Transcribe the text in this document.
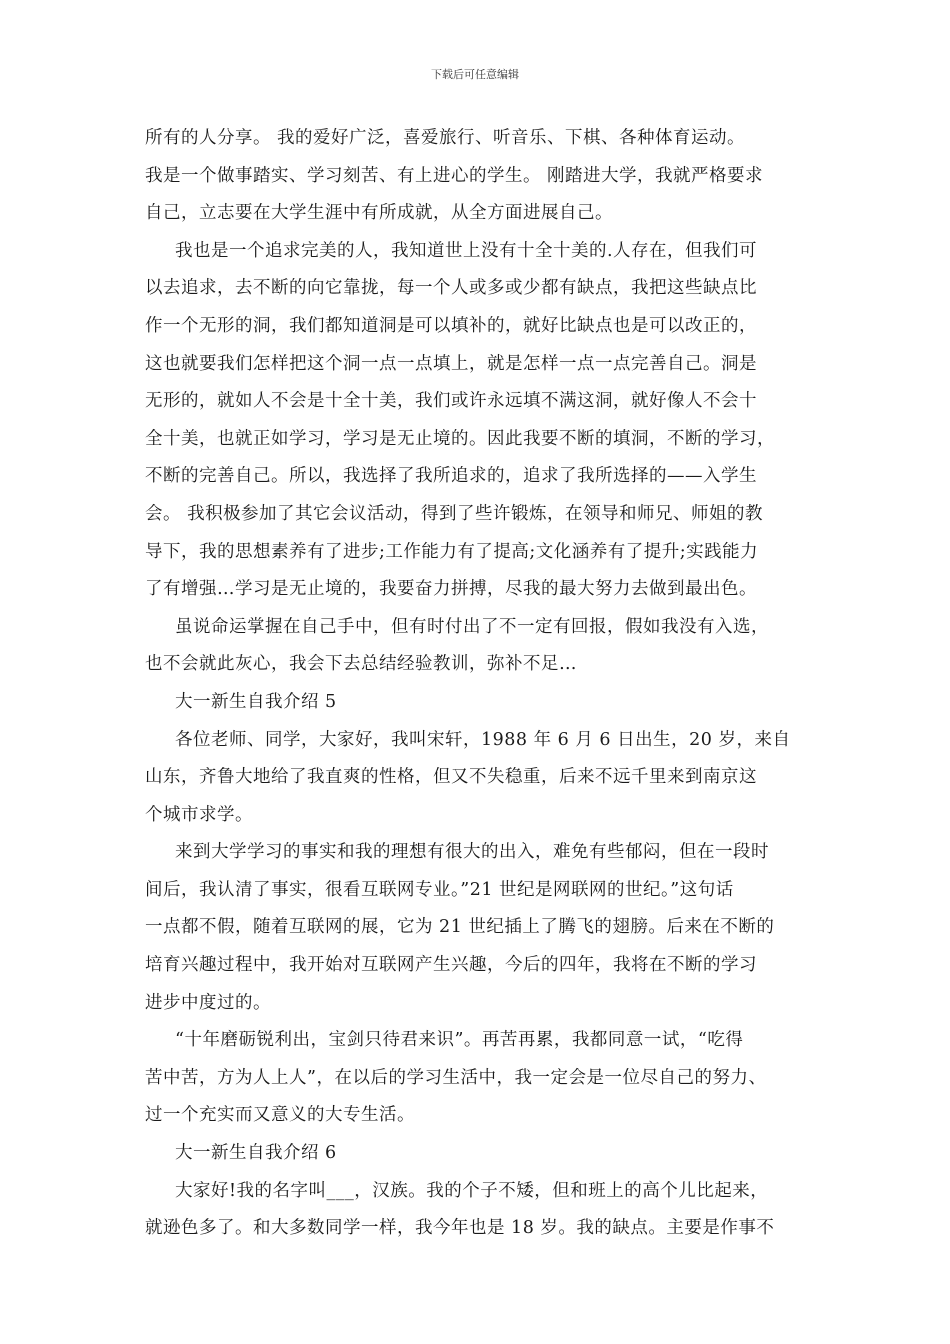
下载后可任意编辑
所有的人分享。 我的爱好广泛，喜爱旅行、听音乐、下棋、各种体育运动。
我是一个做事踏实、学习刻苦、有上进心的学生。 刚踏进大学，我就严格要求
自己，立志要在大学生涯中有所成就，从全方面进展自己。
我也是一个追求完美的人，我知道世上没有十全十美的.人存在，但我们可
以去追求，去不断的向它靠拢，每一个人或多或少都有缺点，我把这些缺点比
作一个无形的洞，我们都知道洞是可以填补的，就好比缺点也是可以改正的，
这也就要我们怎样把这个洞一点一点填上，就是怎样一点一点完善自己。洞是
无形的，就如人不会是十全十美，我们或许永远填不满这洞，就好像人不会十
全十美，也就正如学习，学习是无止境的。因此我要不断的填洞，不断的学习，
不断的完善自己。所以，我选择了我所追求的，追求了我所选择的——入学生
会。 我积极参加了其它会议活动，得到了些许锻炼，在领导和师兄、师姐的教
导下，我的思想素养有了进步;工作能力有了提高;文化涵养有了提升;实践能力
了有增强…学习是无止境的，我要奋力拼搏，尽我的最大努力去做到最出色。
虽说命运掌握在自己手中，但有时付出了不一定有回报，假如我没有入选，
也不会就此灰心，我会下去总结经验教训，弥补不足…
大一新生自我介绍 5
各位老师、同学，大家好，我叫宋轩，1988 年 6 月 6 日出生，20 岁，来自
山东，齐鲁大地给了我直爽的性格，但又不失稳重，后来不远千里来到南京这
个城市求学。
来到大学学习的事实和我的理想有很大的出入，难免有些郁闷，但在一段时
间后，我认清了事实，很看互联网专业。”21 世纪是网联网的世纪。”这句话
一点都不假，随着互联网的展，它为 21 世纪插上了腾飞的翅膀。后来在不断的
培育兴趣过程中，我开始对互联网产生兴趣，今后的四年，我将在不断的学习
进步中度过的。
“十年磨砺锐利出，宝剑只待君来识”。再苦再累，我都同意一试，“吃得
苦中苦，方为人上人”，在以后的学习生活中，我一定会是一位尽自己的努力、
过一个充实而又意义的大专生活。
大一新生自我介绍 6
大家好!我的名字叫___，汉族。我的个子不矮，但和班上的高个儿比起来，
就逊色多了。和大多数同学一样，我今年也是 18 岁。我的缺点。主要是作事不
